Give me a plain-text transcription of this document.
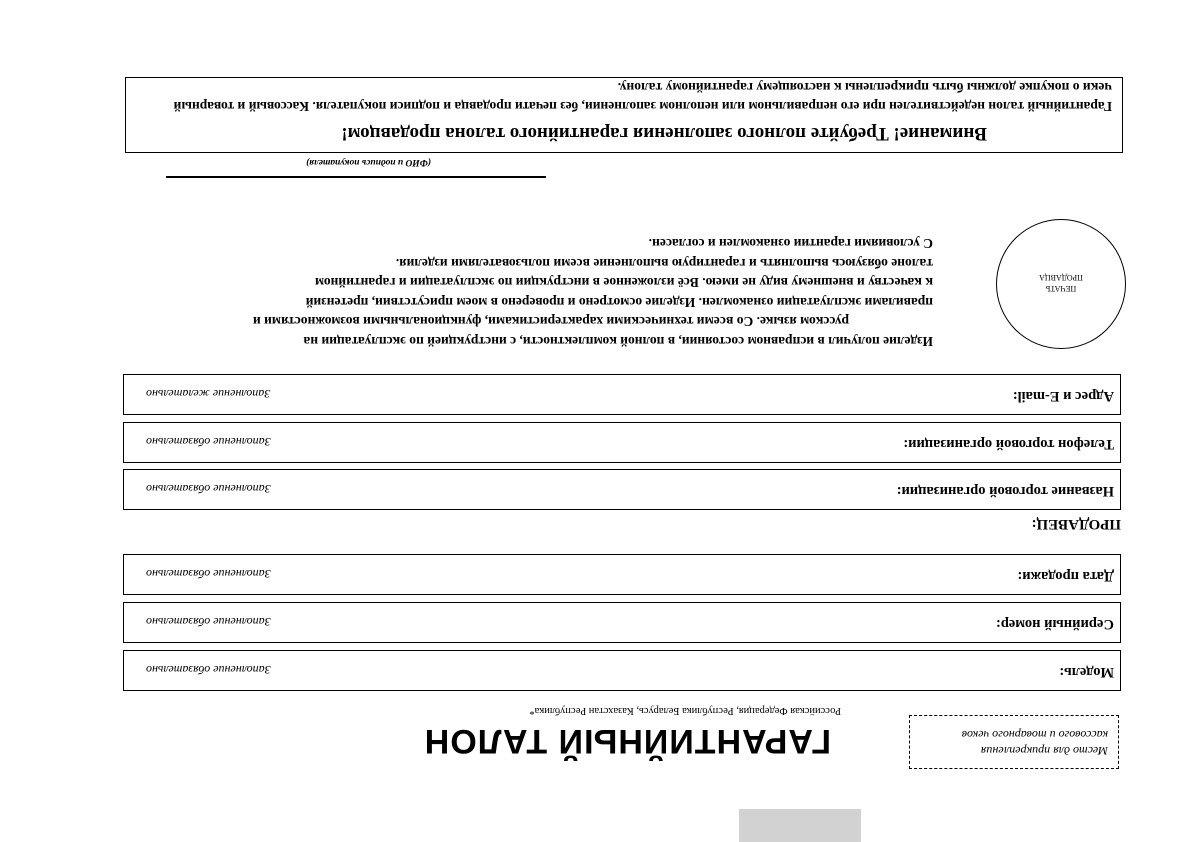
Место для прикрепления
кассового и товарного чеков
ГАРАНТИЙНЫЙ ТАЛОН
Российская Федерация, Республика Беларусь, Казахстан Республика*
Модель:
Заполнение обязательно
Серийный номер:
Заполнение обязательно
Дата продажи:
Заполнение обязательно
ПРОДАВЕЦ:
Название торговой организации:
Заполнение обязательно
Телефон торговой организации:
Заполнение обязательно
Адрес и E-mail:
Заполнение желательно
ПЕЧАТЬ
ПРОДАВЦА

Изделие получил в исправном состоянии, в полной комплектности, с инструкцией по эксплуатации на

русском языке. Со всеми техническими характеристиками, функциональными возможностями и

правилами эксплуатации ознакомлен. Изделие осмотрено и проверено в моем присутствии, претензий

к качеству и внешнему виду не имею. Всё изложенное в инструкции по эксплуатации и гарантийном

талоне обязуюсь выполнять и гарантирую выполнение всеми пользователями изделия.

С условиями гарантии ознакомлен и согласен.

(ФИО и подпись покупателя)
Внимание! Требуйте полного заполнения гарантийного талона продавцом!
Гарантийный талон недействителен при его неправильном или неполном заполнении, без печати продавца и подписи покупателя. Кассовый и товарный чеки о покупке должны быть прикреплены к настоящему гарантийному талону.
